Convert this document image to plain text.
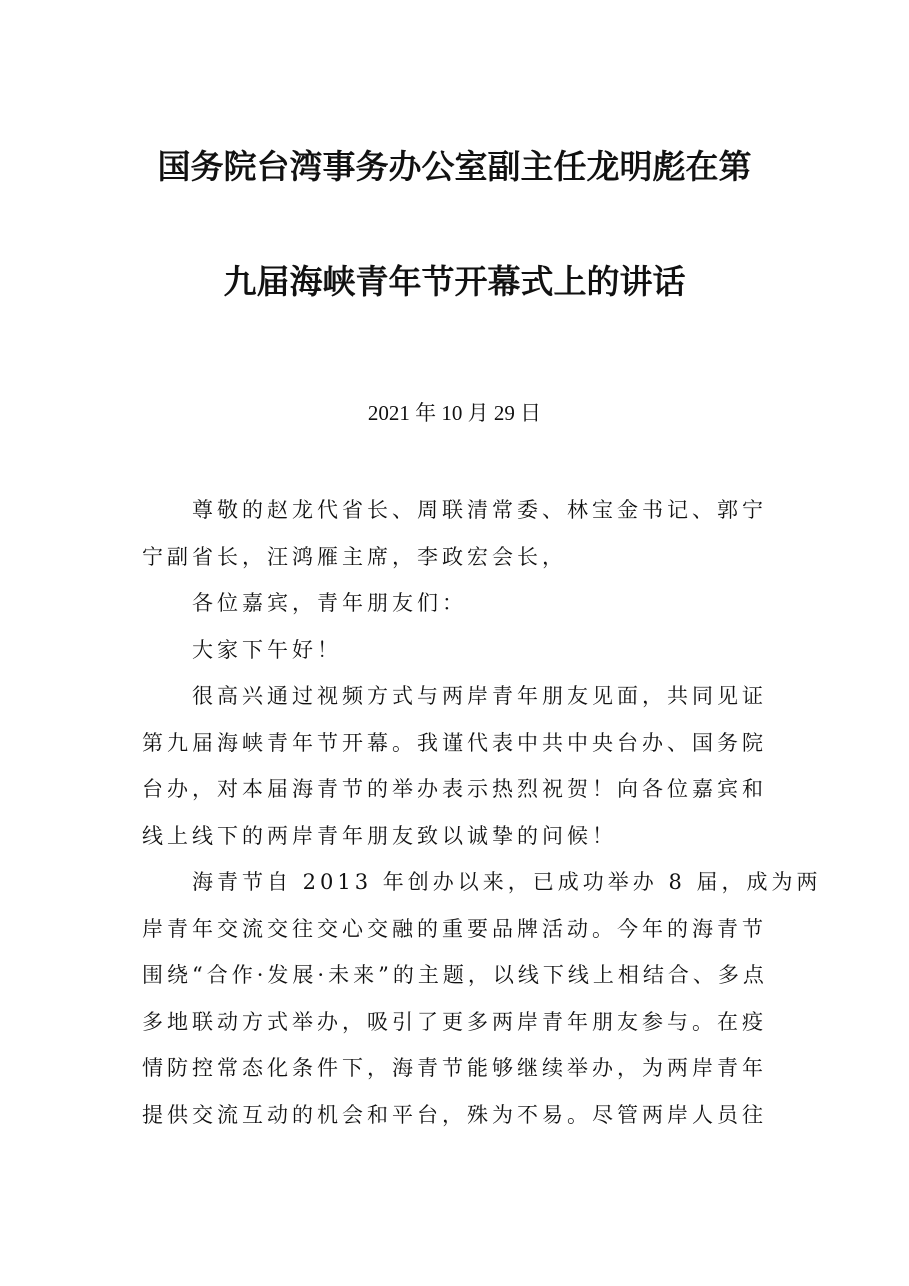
国务院台湾事务办公室副主任龙明彪在第
九届海峡青年节开幕式上的讲话
2021 年 10 月 29 日

尊敬的赵龙代省长、周联清常委、林宝金书记、郭宁
宁副省长，汪鸿雁主席，李政宏会长，

各位嘉宾，青年朋友们：

大家下午好！

很高兴通过视频方式与两岸青年朋友见面，共同见证
第九届海峡青年节开幕。我谨代表中共中央台办、国务院
台办，对本届海青节的举办表示热烈祝贺！向各位嘉宾和
线上线下的两岸青年朋友致以诚挚的问候！

海青节自 2013 年创办以来，已成功举办 8 届，成为两
岸青年交流交往交心交融的重要品牌活动。今年的海青节
围绕“合作·发展·未来”的主题，以线下线上相结合、多点
多地联动方式举办，吸引了更多两岸青年朋友参与。在疫
情防控常态化条件下，海青节能够继续举办，为两岸青年
提供交流互动的机会和平台，殊为不易。尽管两岸人员往
